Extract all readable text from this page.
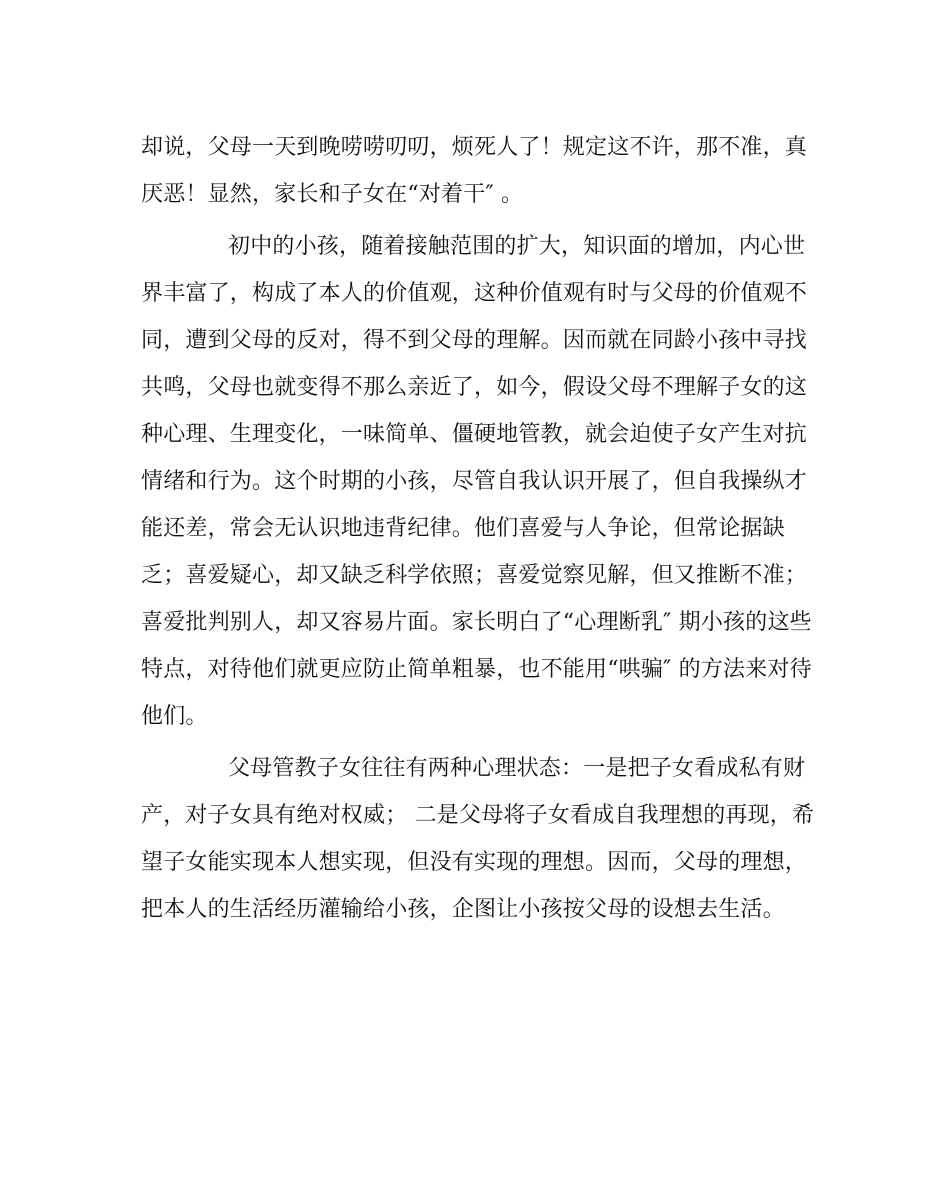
却说，父母一天到晚唠唠叨叨，烦死人了！规定这不许，那不准，真
厌恶！显然，家长和子女在“对着干″ 。

初中的小孩，随着接触范围的扩大，知识面的增加，内心世
界丰富了，构成了本人的价值观，这种价值观有时与父母的价值观不
同，遭到父母的反对，得不到父母的理解。因而就在同龄小孩中寻找
共鸣，父母也就变得不那么亲近了，如今，假设父母不理解子女的这
种心理、生理变化，一味简单、僵硬地管教，就会迫使子女产生对抗
情绪和行为。这个时期的小孩，尽管自我认识开展了，但自我操纵才
能还差，常会无认识地违背纪律。他们喜爱与人争论，但常论据缺
乏；喜爱疑心，却又缺乏科学依照；喜爱觉察见解，但又推断不准；
喜爱批判别人，却又容易片面。家长明白了“心理断乳″ 期小孩的这些
特点，对待他们就更应防止简单粗暴，也不能用“哄骗″ 的方法来对待
他们。

父母管教子女往往有两种心理状态：一是把子女看成私有财
产，对子女具有绝对权威； 二是父母将子女看成自我理想的再现，希
望子女能实现本人想实现，但没有实现的理想。因而，父母的理想，
把本人的生活经历灌输给小孩，企图让小孩按父母的设想去生活。
